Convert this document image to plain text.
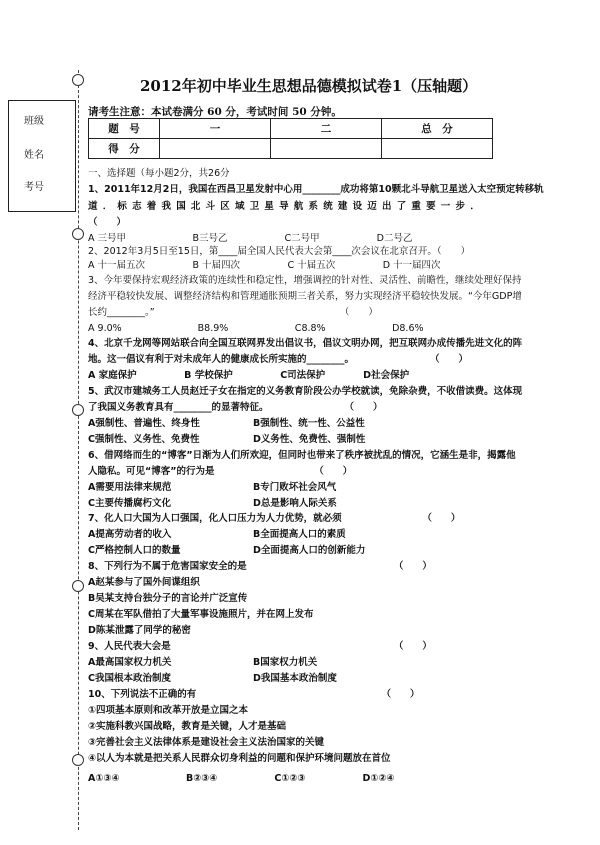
班级
姓名
考号
2012年初中毕业生思想品德模拟试卷1（压轴题）
请考生注意：本试卷满分 60 分，考试时间 50 分钟。
题　号	一	二	总　分
得　分			
一、选择题（每小题2分，共26分
1、2011年12月2日，我国在西昌卫星发射中心用________成功将第10颗北斗导航卫星送入太空预定转移轨
道．标志着我国北斗区域卫星导航系统建设迈出了重要一步．
（　　）
A 三号甲　　　　　　　B三号乙　　　　　　C二号甲　　　　　　D二号乙
2、2012年3月5日至15日，第____届全国人民代表大会第____次会议在北京召开。（　　）
A 十一届五次　　　　　B 十届四次　　　　　C 十届五次　　　　　D 十一届四次
3、今年要保持宏观经济政策的连续性和稳定性，增强调控的针对性、灵活性、前瞻性，继续处理好保持
经济平稳较快发展、调整经济结构和管理通胀预期三者关系，努力实现经济平稳较快发展。“今年GDP增
长约________。”　　　　　　　　　　　　　　　　　　　　（　　）
A 9.0%　　　　　　　　B8.9%　　　　　　　C8.8%　　　　　　　D8.6%
4、北京千龙网等网站联合向全国互联网界发出倡议书，倡议文明办网，把互联网办成传播先进文化的阵
地。这一倡议有利于对未成年人的健康成长所实施的________。　　　　　　　　　（　　）
A 家庭保护　　　　　B 学校保护　　　　　C司法保护　　　　D社会保护
5、武汉市建城务工人员赵迁子女在指定的义务教育阶段公办学校就读，免除杂费，不收借读费。这体现
了我国义务教育具有________的显著特征。　　　　　　　　　（　　）
A强制性、普遍性、终身性	B强制性、统一性、公益性
C强制性、义务性、免费性	D义务性、免费性、强制性
6、借网络而生的“博客”日渐为人们所欢迎，但同时也带来了秩序被扰乱的情况，它涵生是非，揭露他
人隐私。可见“博客”的行为是　　　　　　　　　　　（　　）
A需要用法律来规范	B专门败坏社会风气
C主要传播腐朽文化	D总是影响人际关系
7、化人口大国为人口强国，化人口压力为人力优势，就必须　　　　　　　　　（　　）
A提高劳动者的收入	B全面提高人口的素质
C严格控制人口的数量	D全面提高人口的创新能力
8、下列行为不属于危害国家安全的是　　　　　　　　　　　　　　　　（　　）
A赵某参与了国外间谍组织
B吴某支持台独分子的言论并广泛宣传
C周某在军队借拍了大量军事设施照片，并在网上发布
D陈某泄露了同学的秘密
9、人民代表大会是　　　　　　　　　　　　　　　　　　　　　　　　（　　）
A最高国家权力机关	B国家权力机关
C我国根本政治制度	D我国基本政治制度
10、下列说法不正确的有　　　　　　　　　　　　　　　　　　　　（　　）
①四项基本原则和改革开放是立国之本
②实施科教兴国战略，教育是关键，人才是基础
③完善社会主义法律体系是建设社会主义法治国家的关键
④以人为本就是把关系人民群众切身利益的问题和保护环境问题放在首位
A①③④　　　　　　　B②③④　　　　　　C①②③　　　　　　D①②④
